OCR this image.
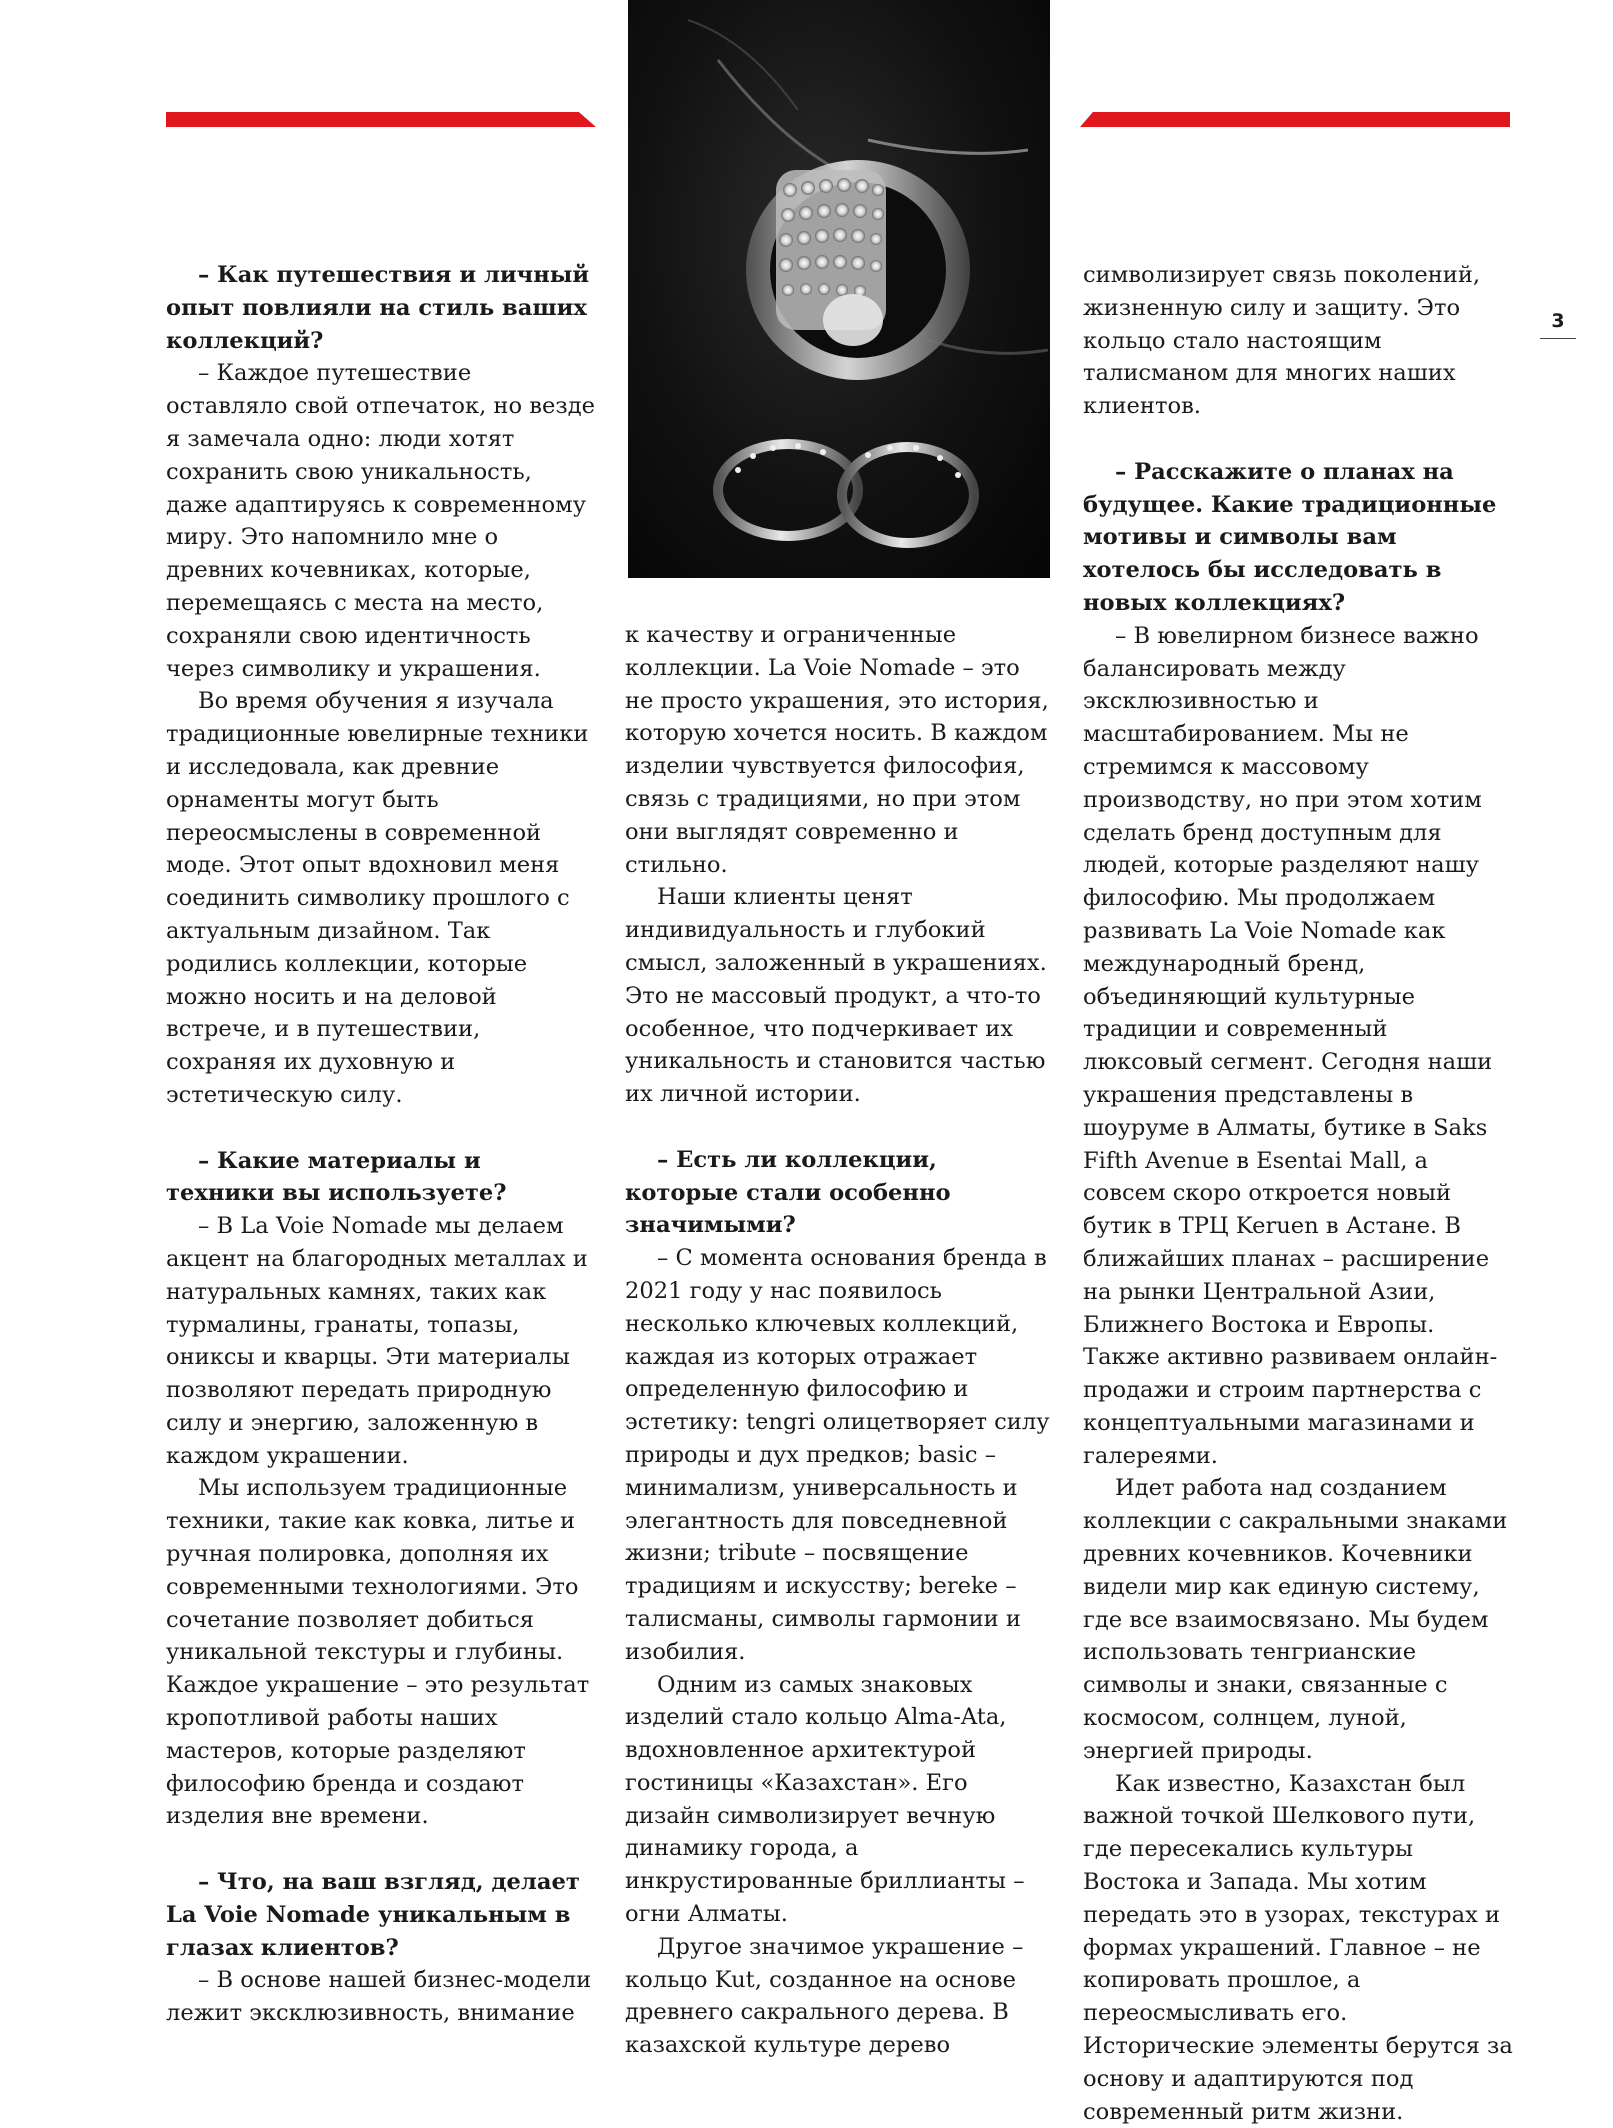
3

– Как путешествия и личный опыт повлияли на стиль ваших коллекций?

– Каждое путешествие оставляло свой отпечаток, но везде я замечала одно: люди хотят сохранить свою уникальность, даже адаптируясь к современному миру. Это напомнило мне о древних кочевниках, которые, перемещаясь с места на место, сохраняли свою идентичность через символику и украшения.

Во время обучения я изучала традиционные ювелирные техники и исследовала, как древние орнаменты могут быть переосмыслены в современной моде. Этот опыт вдохновил меня соединить символику прошлого с актуальным дизайном. Так родились коллекции, которые можно носить и на деловой встрече, и в путешествии, сохраняя их духовную и эстетическую силу.

– Какие материалы и техники вы используете?

– В La Voie Nomade мы делаем акцент на благородных металлах и натуральных камнях, таких как турмалины, гранаты, топазы, ониксы и кварцы. Эти материалы позволяют передать природную силу и энергию, заложенную в каждом украшении.

Мы используем традиционные техники, такие как ковка, литье и ручная полировка, дополняя их современными технологиями. Это сочетание позволяет добиться уникальной текстуры и глубины. Каждое украшение – это результат кропотливой работы наших мастеров, которые разделяют философию бренда и создают изделия вне времени.

– Что, на ваш взгляд, делает La Voie Nomade уникальным в глазах клиентов?

– В основе нашей бизнес-модели лежит эксклюзивность, внимание

к качеству и ограниченные коллекции. La Voie Nomade – это не просто украшения, это история, которую хочется носить. В каждом изделии чувствуется философия, связь с традициями, но при этом они выглядят современно и стильно.

Наши клиенты ценят индивидуальность и глубокий смысл, заложенный в украшениях. Это не массовый продукт, а что-то особенное, что подчеркивает их уникальность и становится частью их личной истории.

– Есть ли коллекции, которые стали особенно значимыми?

– С момента основания бренда в 2021 году у нас появилось несколько ключевых коллекций, каждая из которых отражает определенную философию и эстетику: tengri олицетворяет силу природы и дух предков; basic – минимализм, универсальность и элегантность для повседневной жизни; tribute – посвящение традициям и искусству; bereke – талисманы, символы гармонии и изобилия.

Одним из самых знаковых изделий стало кольцо Alma-Ata, вдохновленное архитектурой гостиницы «Казахстан». Его дизайн символизирует вечную динамику города, а инкрустированные бриллианты – огни Алматы.

Другое значимое украшение – кольцо Kut, созданное на основе древнего сакрального дерева. В казахской культуре дерево

символизирует связь поколений, жизненную силу и защиту. Это кольцо стало настоящим талисманом для многих наших клиентов.

– Расскажите о планах на будущее. Какие традиционные мотивы и символы вам хотелось бы исследовать в новых коллекциях?

– В ювелирном бизнесе важно балансировать между эксклюзивностью и масштабированием. Мы не стремимся к массовому производству, но при этом хотим сделать бренд доступным для людей, которые разделяют нашу философию. Мы продолжаем развивать La Voie Nomade как международный бренд, объединяющий культурные традиции и современный люксовый сегмент. Сегодня наши украшения представлены в шоуруме в Алматы, бутике в Saks Fifth Avenue в Esentai Mall, а совсем скоро откроется новый бутик в ТРЦ Keruen в Астане. В ближайших планах – расширение на рынки Центральной Азии, Ближнего Востока и Европы. Также активно развиваем онлайн-продажи и строим партнерства с концептуальными магазинами и галереями.

Идет работа над созданием коллекции с сакральными знаками древних кочевников. Кочевники видели мир как единую систему, где все взаимосвязано. Мы будем использовать тенгрианские символы и знаки, связанные с космосом, солнцем, луной, энергией природы.

Как известно, Казахстан был важной точкой Шелкового пути, где пересекались культуры Востока и Запада. Мы хотим передать это в узорах, текстурах и формах украшений. Главное – не копировать прошлое, а переосмысливать его. Исторические элементы берутся за основу и адаптируются под современный ритм жизни.
